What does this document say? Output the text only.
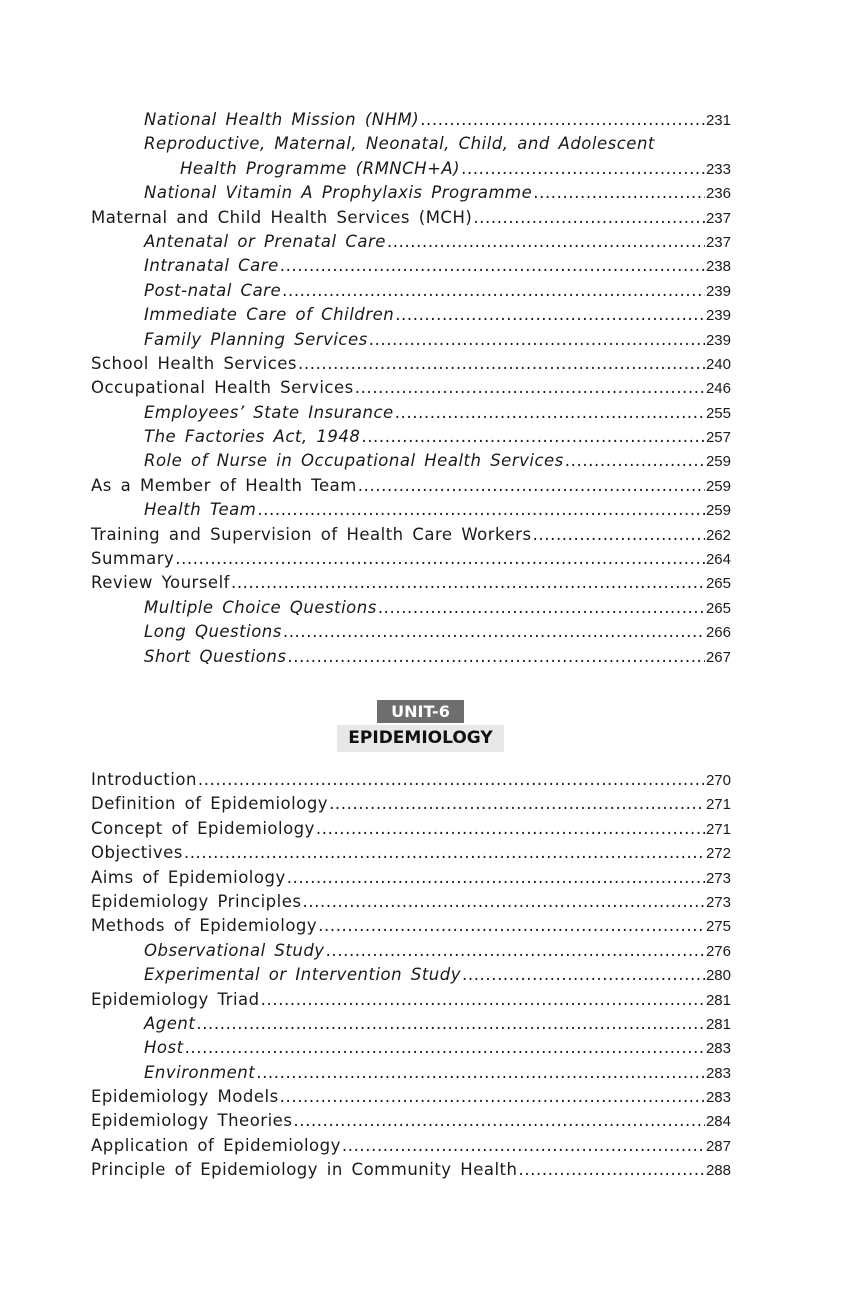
National Health Mission (NHM) .....	231
Reproductive, Maternal, Neonatal, Child, and Adolescent
Health Programme (RMNCH+A) .....	233
National Vitamin A Prophylaxis Programme .....	236
Maternal and Child Health Services (MCH) .....	237
Antenatal or Prenatal Care .....	237
Intranatal Care .....	238
Post-natal Care .....	239
Immediate Care of Children .....	239
Family Planning Services .....	239
School Health Services .....	240
Occupational Health Services .....	246
Employees’ State Insurance .....	255
The Factories Act, 1948 .....	257
Role of Nurse in Occupational Health Services .....	259
As a Member of Health Team .....	259
Health Team .....	259
Training and Supervision of Health Care Workers .....	262
Summary .....	264
Review Yourself .....	265
Multiple Choice Questions .....	265
Long Questions .....	266
Short Questions .....	267
UNIT-6
EPIDEMIOLOGY
Introduction .....	270
Definition of Epidemiology .....	271
Concept of Epidemiology .....	271
Objectives .....	272
Aims of Epidemiology .....	273
Epidemiology Principles .....	273
Methods of Epidemiology .....	275
Observational Study .....	276
Experimental or Intervention Study .....	280
Epidemiology Triad .....	281
Agent .....	281
Host .....	283
Environment .....	283
Epidemiology Models .....	283
Epidemiology Theories .....	284
Application of Epidemiology .....	287
Principle of Epidemiology in Community Health .....	288
